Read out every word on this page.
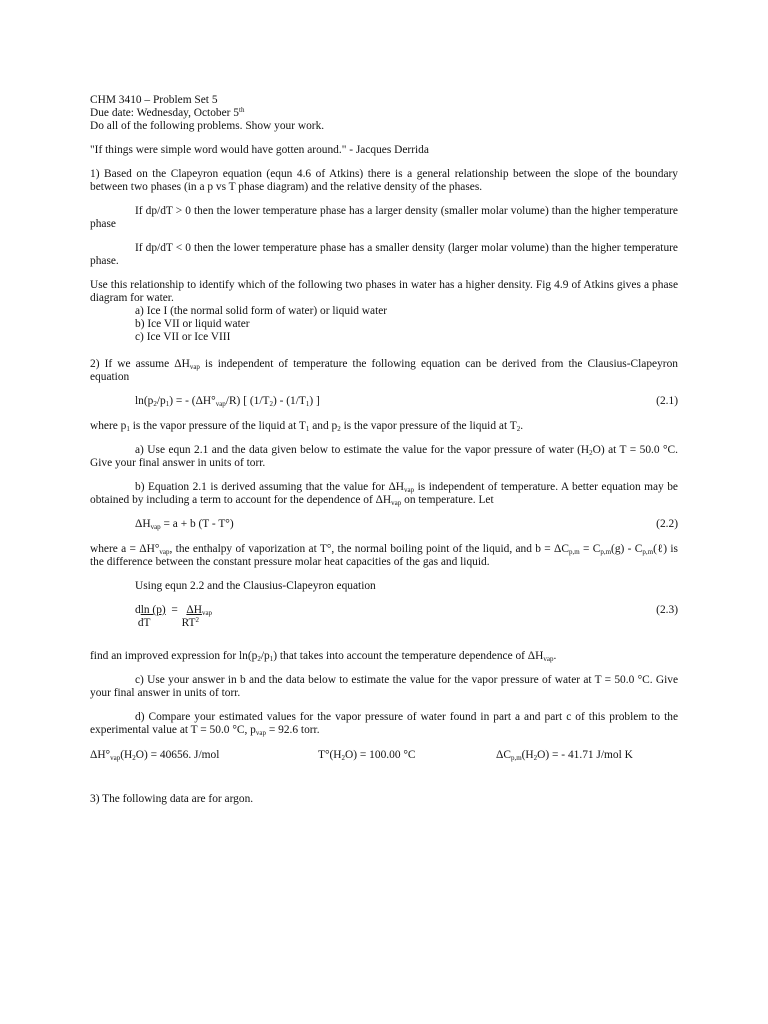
CHM 3410 – Problem Set 5
Due date: Wednesday, October 5th
Do all of the following problems. Show your work.
"If things were simple word would have gotten around." - Jacques Derrida
1) Based on the Clapeyron equation (equn 4.6 of Atkins) there is a general relationship between the slope of the boundary between two phases (in a p vs T phase diagram) and the relative density of the phases.
If dp/dT > 0 then the lower temperature phase has a larger density (smaller molar volume) than the higher temperature phase
If dp/dT < 0 then the lower temperature phase has a smaller density (larger molar volume) than the higher temperature phase.
Use this relationship to identify which of the following two phases in water has a higher density. Fig 4.9 of Atkins gives a phase diagram for water.
a) Ice I (the normal solid form of water) or liquid water
b) Ice VII or liquid water
c) Ice VII or Ice VIII
2) If we assume $\Delta H_{vap}$ is independent of temperature the following equation can be derived from the Clausius-Clapeyron equation
$\ln(p_2/p_1)$ = - $(\Delta H^\circ_{vap}/R)$ [ $(1/T_2) - (1/T_1)$ ]	(2.1)
where $p_1$ is the vapor pressure of the liquid at $T_1$ and $p_2$ is the vapor pressure of the liquid at $T_2$.
a) Use equn 2.1 and the data given below to estimate the value for the vapor pressure of water $(H_2O)$ at T = 50.0 °C. Give your final answer in units of torr.
b) Equation 2.1 is derived assuming that the value for $\Delta H_{vap}$ is independent of temperature. A better equation may be obtained by including a term to account for the dependence of $\Delta H_{vap}$ on temperature. Let
$\Delta H_{vap} = a + b$ (T - T°)	(2.2)
where $a = \Delta H^\circ_{vap}$, the enthalpy of vaporization at T°, the normal boiling point of the liquid, and $b = \Delta C_{p,m} = C_{p,m}(g)$ - $C_{p,m}(\ell)$ is the difference between the constant pressure molar heat capacities of the gas and liquid.
Using equn 2.2 and the Clausius-Clapeyron equation
dln $(p) = \Delta H_{vap}$
dT           $RT^2$
(2.3)
find an improved expression for $\ln(p_2/p_1)$ that takes into account the temperature dependence of $\Delta H_{vap}$.
c) Use your answer in b and the data below to estimate the value for the vapor pressure of water at T = 50.0 °C. Give your final answer in units of torr.
d) Compare your estimated values for the vapor pressure of water found in part a and part c of this problem to the experimental value at T = 50.0 °C, $p_{vap} = 92.6$ torr.
$\Delta H^\circ_{vap}(H_2O) = 40656$. J/mol	$T^\circ(H_2O) = 100.00$ °C	$\Delta C_{p,m}(H_2O)$ = - 41.71 J/mol K
3) The following data are for argon.
